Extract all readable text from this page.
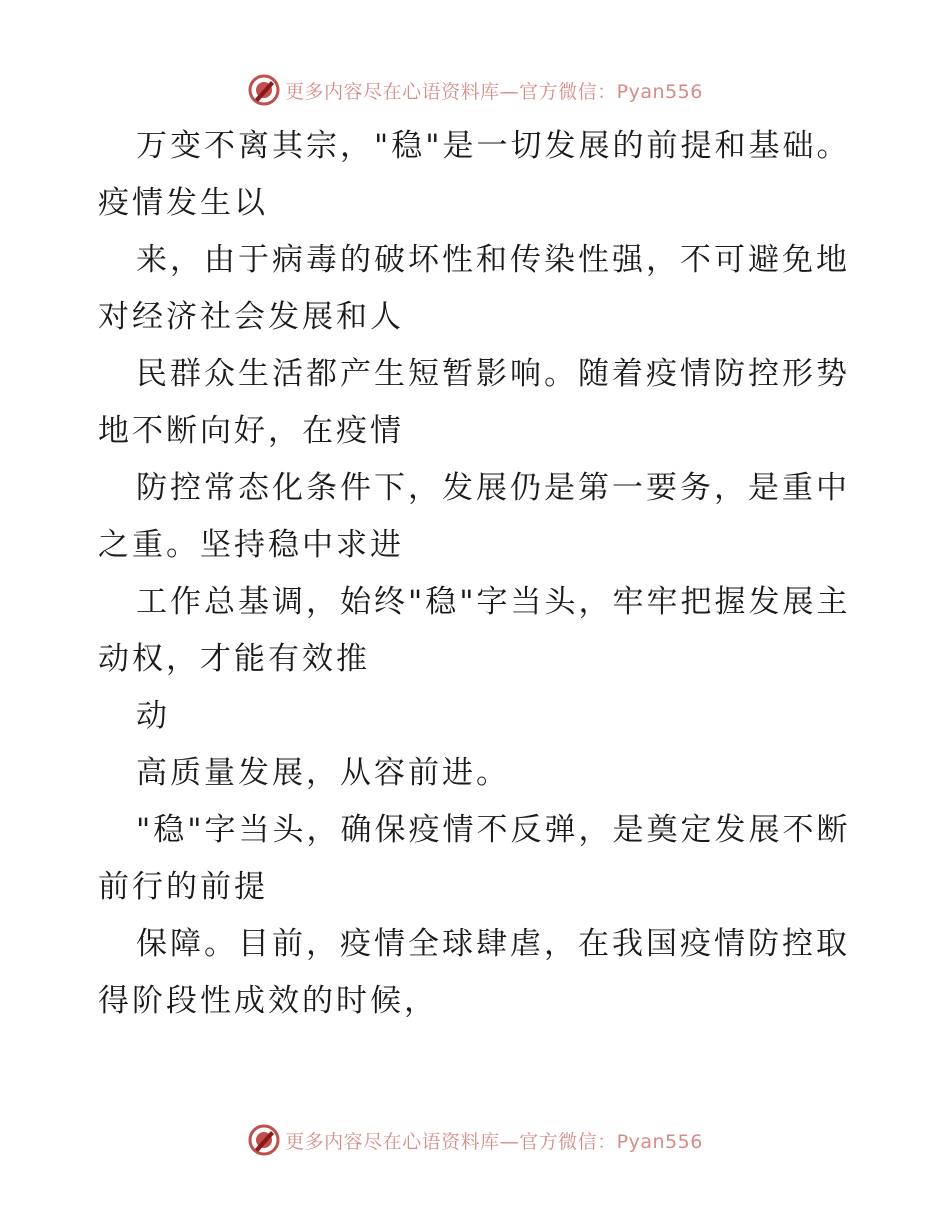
更多内容尽在心语资料库—官方微信：Pyan556

万变不离其宗，"稳"是一切发展的前提和基础。
疫情发生以

来，由于病毒的破坏性和传染性强，不可避免地
对经济社会发展和人

民群众生活都产生短暂影响。随着疫情防控形势
地不断向好，在疫情

防控常态化条件下，发展仍是第一要务，是重中
之重。坚持稳中求进

工作总基调，始终"稳"字当头，牢牢把握发展主
动权，才能有效推

动

高质量发展，从容前进。

"稳"字当头，确保疫情不反弹，是奠定发展不断
前行的前提

保障。目前，疫情全球肆虐，在我国疫情防控取
得阶段性成效的时候，

更多内容尽在心语资料库—官方微信：Pyan556
